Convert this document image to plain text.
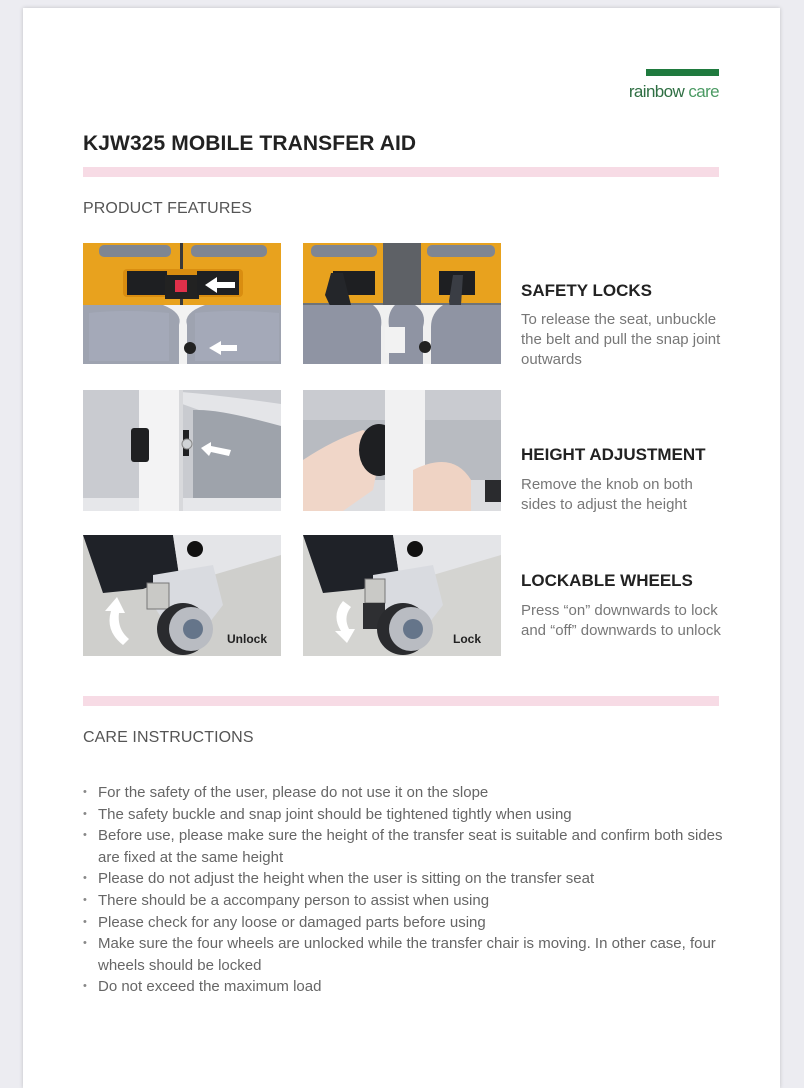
rainbow care
KJW325 MOBILE TRANSFER AID
PRODUCT FEATURES
SAFETY LOCKS
To release the seat, unbuckle the belt and pull the snap joint outwards
HEIGHT ADJUSTMENT
Remove the knob on both sides to adjust the height
Unlock	Lock
LOCKABLE WHEELS
Press “on” downwards to lock and “off” downwards to unlock
CARE INSTRUCTIONS
• For the safety of the user, please do not use it on the slope
• The safety buckle and snap joint should be tightened tightly when using
• Before use, please make sure the height of the transfer seat is suitable and confirm both sides are fixed at the same height
• Please do not adjust the height when the user is sitting on the transfer seat
• There should be a accompany person to assist when using
• Please check for any loose or damaged parts before using
• Make sure the four wheels are unlocked while the transfer chair is moving. In other case, four wheels should be locked
• Do not exceed the maximum load
